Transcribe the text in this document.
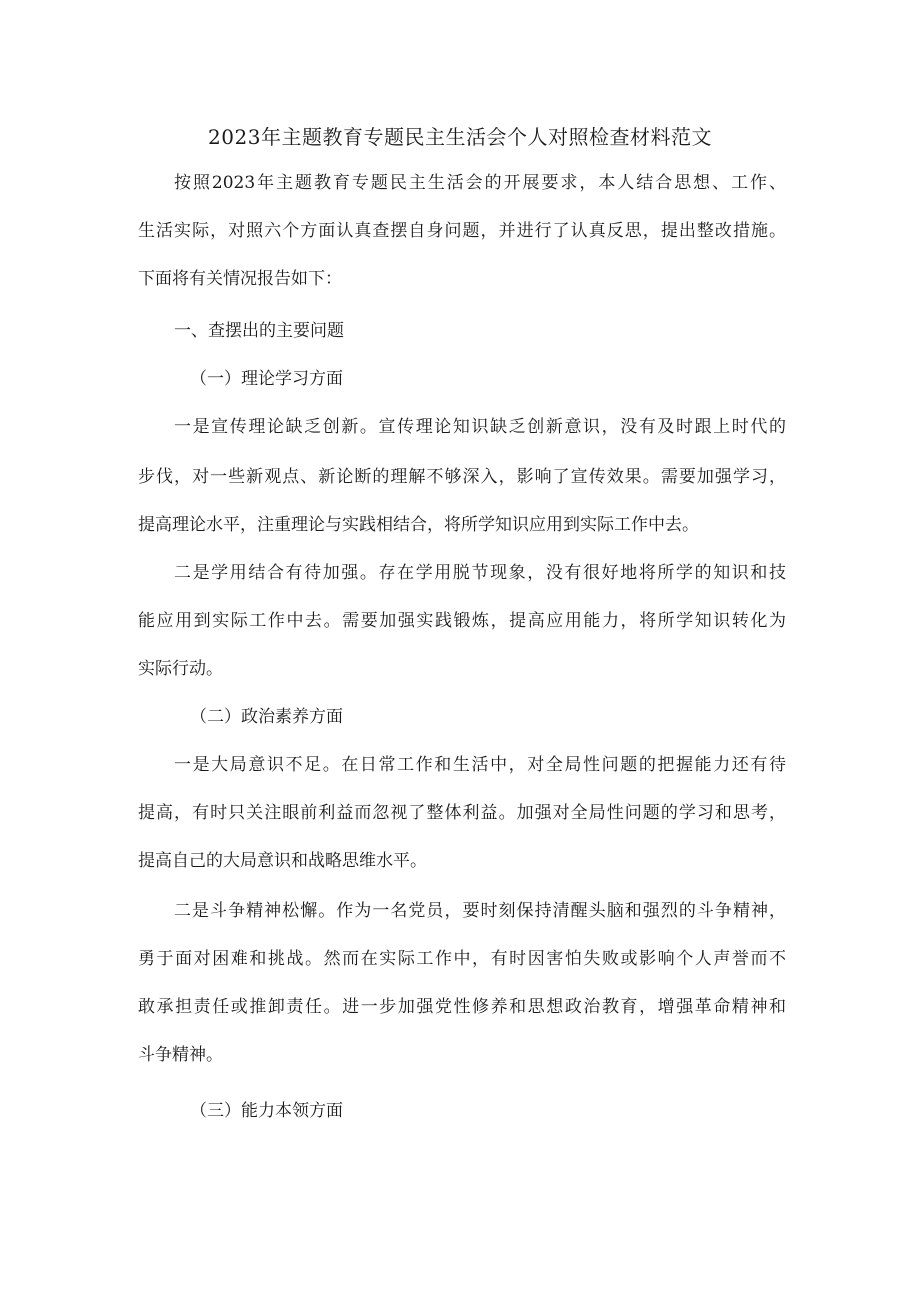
2023年主题教育专题民主生活会个人对照检查材料范文
按照2023年主题教育专题民主生活会的开展要求，本人结合思想、工作、
生活实际，对照六个方面认真查摆自身问题，并进行了认真反思，提出整改措施。
下面将有关情况报告如下：
一、查摆出的主要问题
（一）理论学习方面
一是宣传理论缺乏创新。宣传理论知识缺乏创新意识，没有及时跟上时代的
步伐，对一些新观点、新论断的理解不够深入，影响了宣传效果。需要加强学习，
提高理论水平，注重理论与实践相结合，将所学知识应用到实际工作中去。
二是学用结合有待加强。存在学用脱节现象，没有很好地将所学的知识和技
能应用到实际工作中去。需要加强实践锻炼，提高应用能力，将所学知识转化为
实际行动。
（二）政治素养方面
一是大局意识不足。在日常工作和生活中，对全局性问题的把握能力还有待
提高，有时只关注眼前利益而忽视了整体利益。加强对全局性问题的学习和思考，
提高自己的大局意识和战略思维水平。
二是斗争精神松懈。作为一名党员，要时刻保持清醒头脑和强烈的斗争精神，
勇于面对困难和挑战。然而在实际工作中，有时因害怕失败或影响个人声誉而不
敢承担责任或推卸责任。进一步加强党性修养和思想政治教育，增强革命精神和
斗争精神。
（三）能力本领方面
